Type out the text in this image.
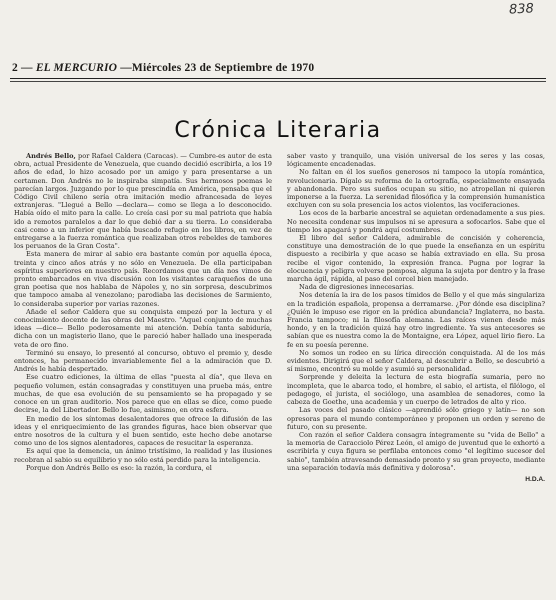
838
2 — EL MERCURIO —Miércoles 23 de Septiembre de 1970
Crónica Literaria

Andrés Bello, por Rafael Caldera (Caracas). — Cumbre-es autor de esta obra, actual Presidente de Venezuela, que cuando decidió escribirla, a los 19 años de edad, lo hizo acosado por un amigo y para presentarse a un certamen. Don Andrés no le inspiraba simpatía. Sus hermosos poemas le parecían largos. Juzgando por lo que prescindía en América, pensaba que el Código Civil chileno sería otra imitación medio afrancesada de leyes extranjeras. "Llegué a Bello —declara— como se llega a lo desconocido. Había oído el mito para la calle. Lo creía casi por su mal patriota que había ido a remotos paralelos a dar lo que debió dar a su tierra. Lo consideraba casi como a un inferior que había buscado refugio en los libros, en vez de entregarse a la fuerza romántica que realizaban otros rebeldes de tambores los peruanos de la Gran Costa".

Esta manera de mirar al sabio era bastante común por aquella época, treinta y cinco años atrás y no sólo en Venezuela. De ella participaban espíritus superiores en nuestro país. Recordamos que un día nos vimos de pronto embarcados en viva discusión con los visitantes caraqueños de una gran poetisa que nos hablaba de Nápoles y, no sin sorpresa, descubrimos que tampoco amaba al venezolano; parodiaba las decisiones de Sarmiento, lo consideraba superior por varias razones.

Añade el señor Caldera que su conquista empezó por la lectura y el conocimiento docente de las obras del Maestro. "Aquel conjunto de muchas ideas —dice— Bello poderosamente mi atención. Debía tanta sabiduría, dicha con un magisterio llano, que le pareció haber hallado una inesperada veta de oro fino.

Terminó su ensayo, lo presentó al concurso, obtuvo el premio y, desde entonces, ha permanecido invariablemente fiel a la admiración que D. Andrés le había despertado.

Ese cuatro ediciones, la última de ellas "puesta al día", que lleva en pequeño volumen, están consagradas y constituyen una prueba más, entre muchas, de que esa evolución de su pensamiento se ha propagado y se conoce en un gran auditorio. Nos parece que en ellas se dice, como puede decirse, la del Libertador. Bello lo fue, asimismo, en otra esfera.

En medio de los síntomas desalentadores que ofrece la difusión de las ideas y el enriquecimiento de las grandes figuras, hace bien observar que entre nosotros de la cultura y el buen sentido, este hecho debe anotarse como uno de los signos alentadores, capaces de resucitar la esperanza.

Es aquí que la demencia, un ánimo tristísimo, la realidad y las ilusiones recobran al sabio su equilibrio y no sólo está perdido para la inteligencia.

Porque don Andrés Bello es eso: la razón, la cordura, el

saber vasto y tranquilo, una visión universal de los seres y las cosas, lógicamente encadenadas.

No faltan en él los sueños generosos ni tampoco la utopía romántica, revolucionaria. Dígalo su reforma de la ortografía, especialmente ensayada y abandonada. Pero sus sueños ocupan su sitio, no atropellan ni quieren imponerse a la fuerza. La serenidad filosófica y la comprensión humanística excluyen con su sola presencia los actos violentos, las vociferaciones.

Los ecos de la barbarie ancestral se aquietan ordenadamente a sus pies. No necesita condenar sus impulsos ni se apresura a sofocarlos. Sabe que el tiempo los apagará y pondrá aquí costumbres.

El libro del señor Caldera, admirable de concisión y coherencia, constituye una demostración de lo que puede la enseñanza en un espíritu dispuesto a recibirla y que acaso se había extraviado en ella. Su prosa recibe el vigor contenido, la expresión franca. Pugna por lograr la elocuencia y peligra volverse pomposa, alguna la sujeta por dentro y la frase marcha ágil, rápida, al paso del corcel bien manejado.

Nada de digresiones innecesarias.

Nos detenía la ira de los pasos tímidos de Bello y el que más singulariza en la tradición española, propensa a derramarse. ¿Por dónde esa disciplina? ¿Quién le impuso ese rigor en la prédica abundancia? Inglaterra, no basta. Francia tampoco; ni la filosofía alemana. Las raíces vienen desde más hondo, y en la tradición quizá hay otro ingrediente. Ya sus antecesores se sabían que es nuestra como la de Montaigne, era López, aquel lirio fiero. La fe en su poesía perenne.

No somos un rodeo en su lírica dirección conquistada. Al de los más evidentes. Dirigirá que el señor Caldera, al descubrir a Bello, se descubrió a sí mismo, encontró su molde y asumió su personalidad.

Sorprende y deleita la lectura de esta biografía sumaria, pero no incompleta, que le abarca todo, el hombre, el sabio, el artista, el filólogo, el pedagogo, el jurista, el sociólogo, una asamblea de senadores, como la cabeza de Goethe, una academia y un cuerpo de letrados de alto y rico.

Las voces del pasado clásico —aprendió sólo griego y latín— no son opresoras para el mundo contemporáneo y proponen un orden y sereno de futuro, con su presente.

Con razón el señor Caldera consagra íntegramente su "vida de Bello" a la memoria de Caracciolo Pérez León, el amigo de juventud que le exhortó a escribirla y cuya figura se perfilaba entonces como "el legítimo sucesor del sabio", también atravesando demasiado pronto y su gran proyecto, mediante una separación todavía más definitiva y dolorosa".

H.D.A.
